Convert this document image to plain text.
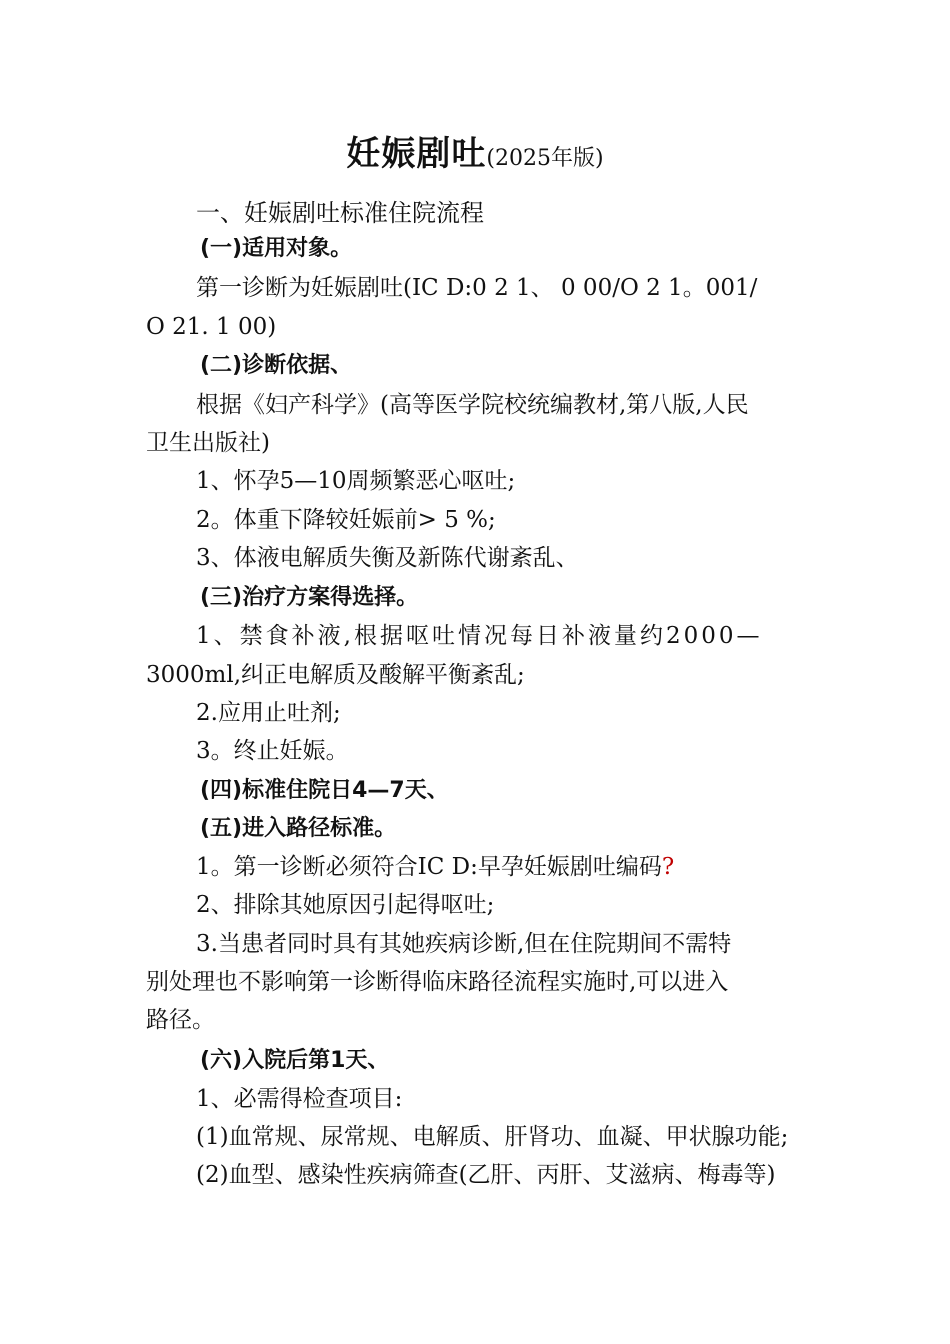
妊娠剧吐(2025年版)
一、妊娠剧吐标准住院流程
(一)适用对象。
第一诊断为妊娠剧吐(IC D:0 2 1、 0 00/O 2 1。001/
O 21. 1 00)
(二)诊断依据、
根据《妇产科学》(高等医学院校统编教材,第八版,人民
卫生出版社)
1、怀孕5—10周频繁恶心呕吐;
2。体重下降较妊娠前> 5 %;
3、体液电解质失衡及新陈代谢紊乱、
(三)治疗方案得选择。
1、禁食补液,根据呕吐情况每日补液量约2000—
3000ml,纠正电解质及酸解平衡紊乱;
2.应用止吐剂;
3。终止妊娠。
(四)标准住院日4—7天、
(五)进入路径标准。
1。第一诊断必须符合IC D:早孕妊娠剧吐编码?
2、排除其她原因引起得呕吐;
3.当患者同时具有其她疾病诊断,但在住院期间不需特
别处理也不影响第一诊断得临床路径流程实施时,可以进入
路径。
(六)入院后第1天、
1、必需得检查项目:
(1)血常规、尿常规、电解质、肝肾功、血凝、甲状腺功能;
(2)血型、感染性疾病筛查(乙肝、丙肝、艾滋病、梅毒等)
